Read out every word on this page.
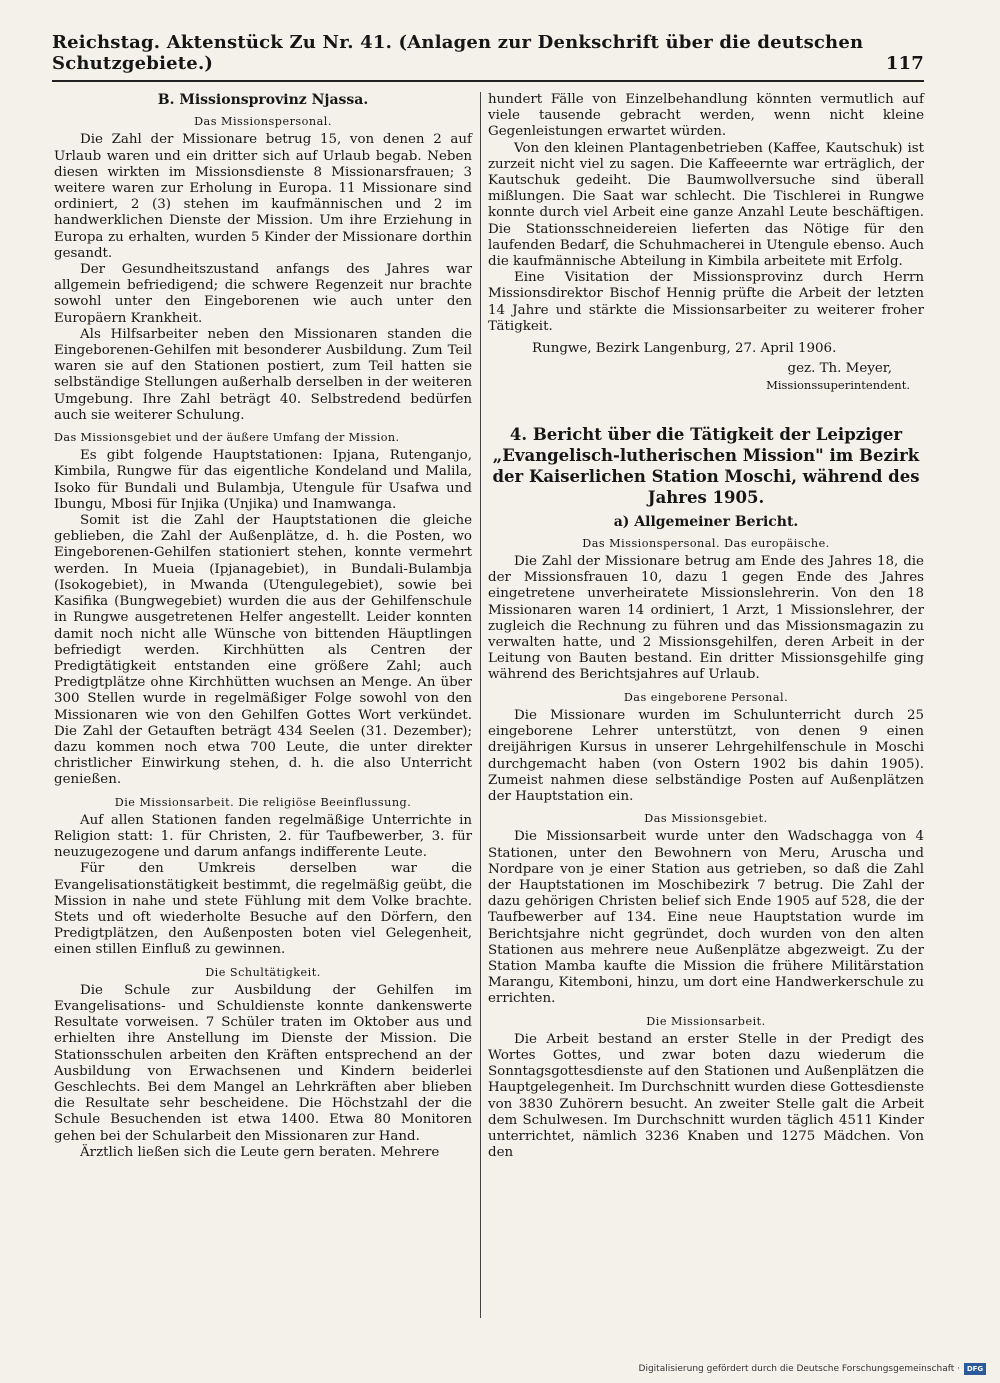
Reichstag. Aktenstück Zu Nr. 41. (Anlagen zur Denkschrift über die deutschen Schutzgebiete.)	117
B. Missionsprovinz Njassa.
Das Missionspersonal.

Die Zahl der Missionare betrug 15, von denen 2 auf Urlaub waren und ein dritter sich auf Urlaub begab. Neben diesen wirkten im Missionsdienste 8 Missionarsfrauen; 3 weitere waren zur Erholung in Europa. 11 Missionare sind ordiniert, 2 (3) stehen im kaufmännischen und 2 im handwerklichen Dienste der Mission. Um ihre Erziehung in Europa zu erhalten, wurden 5 Kinder der Missionare dorthin gesandt.

Der Gesundheitszustand anfangs des Jahres war allgemein befriedigend; die schwere Regenzeit nur brachte sowohl unter den Eingeborenen wie auch unter den Europäern Krankheit.

Als Hilfsarbeiter neben den Missionaren standen die Eingeborenen-Gehilfen mit besonderer Ausbildung. Zum Teil waren sie auf den Stationen postiert, zum Teil hatten sie selbständige Stellungen außerhalb derselben in der weiteren Umgebung. Ihre Zahl beträgt 40. Selbstredend bedürfen auch sie weiterer Schulung.

Das Missionsgebiet und der äußere Umfang der Mission.

Es gibt folgende Hauptstationen: Ipjana, Rutenganjo, Kimbila, Rungwe für das eigentliche Kondeland und Malila, Isoko für Bundali und Bulambja, Utengule für Usafwa und Ibungu, Mbosi für Injika (Unjika) und Inamwanga.

Somit ist die Zahl der Hauptstationen die gleiche geblieben, die Zahl der Außenplätze, d. h. die Posten, wo Eingeborenen-Gehilfen stationiert stehen, konnte vermehrt werden. In Mueia (Ipjanagebiet), in Bundali-Bulambja (Isokogebiet), in Mwanda (Utengulegebiet), sowie bei Kasifika (Bungwegebiet) wurden die aus der Gehilfenschule in Rungwe ausgetretenen Helfer angestellt. Leider konnten damit noch nicht alle Wünsche von bittenden Häuptlingen befriedigt werden. Kirchhütten als Centren der Predigtätigkeit entstanden eine größere Zahl; auch Predigtplätze ohne Kirchhütten wuchsen an Menge. An über 300 Stellen wurde in regelmäßiger Folge sowohl von den Missionaren wie von den Gehilfen Gottes Wort verkündet. Die Zahl der Getauften beträgt 434 Seelen (31. Dezember); dazu kommen noch etwa 700 Leute, die unter direkter christlicher Einwirkung stehen, d. h. die also Unterricht genießen.

Die Missionsarbeit. Die religiöse Beeinflussung.

Auf allen Stationen fanden regelmäßige Unterrichte in Religion statt: 1. für Christen, 2. für Taufbewerber, 3. für neuzugezogene und darum anfangs indifferente Leute.

Für den Umkreis derselben war die Evangelisationstätigkeit bestimmt, die regelmäßig geübt, die Mission in nahe und stete Fühlung mit dem Volke brachte. Stets und oft wiederholte Besuche auf den Dörfern, den Predigtplätzen, den Außenposten boten viel Gelegenheit, einen stillen Einfluß zu gewinnen.

Die Schultätigkeit.

Die Schule zur Ausbildung der Gehilfen im Evangelisations- und Schuldienste konnte dankenswerte Resultate vorweisen. 7 Schüler traten im Oktober aus und erhielten ihre Anstellung im Dienste der Mission. Die Stationsschulen arbeiten den Kräften entsprechend an der Ausbildung von Erwachsenen und Kindern beiderlei Geschlechts. Bei dem Mangel an Lehrkräften aber blieben die Resultate sehr bescheidene. Die Höchstzahl der die Schule Besuchenden ist etwa 1400. Etwa 80 Monitoren gehen bei der Schularbeit den Missionaren zur Hand.

Ärztlich ließen sich die Leute gern beraten. Mehrere

hundert Fälle von Einzelbehandlung könnten vermutlich auf viele tausende gebracht werden, wenn nicht kleine Gegenleistungen erwartet würden.

Von den kleinen Plantagenbetrieben (Kaffee, Kautschuk) ist zurzeit nicht viel zu sagen. Die Kaffeeernte war erträglich, der Kautschuk gedeiht. Die Baumwollversuche sind überall mißlungen. Die Saat war schlecht. Die Tischlerei in Rungwe konnte durch viel Arbeit eine ganze Anzahl Leute beschäftigen. Die Stationsschneidereien lieferten das Nötige für den laufenden Bedarf, die Schuhmacherei in Utengule ebenso. Auch die kaufmännische Abteilung in Kimbila arbeitete mit Erfolg.

Eine Visitation der Missionsprovinz durch Herrn Missionsdirektor Bischof Hennig prüfte die Arbeit der letzten 14 Jahre und stärkte die Missionsarbeiter zu weiterer froher Tätigkeit.

Rungwe, Bezirk Langenburg, 27. April 1906.
gez. Th. Meyer,
Missionssuperintendent.
4. Bericht über die Tätigkeit der Leipziger „Evangelisch-lutherischen Mission" im Bezirk der Kaiserlichen Station Moschi, während des Jahres 1905.
a) Allgemeiner Bericht.
Das Missionspersonal. Das europäische.

Die Zahl der Missionare betrug am Ende des Jahres 18, die der Missionsfrauen 10, dazu 1 gegen Ende des Jahres eingetretene unverheiratete Missionslehrerin. Von den 18 Missionaren waren 14 ordiniert, 1 Arzt, 1 Missionslehrer, der zugleich die Rechnung zu führen und das Missionsmagazin zu verwalten hatte, und 2 Missionsgehilfen, deren Arbeit in der Leitung von Bauten bestand. Ein dritter Missionsgehilfe ging während des Berichtsjahres auf Urlaub.

Das eingeborene Personal.

Die Missionare wurden im Schulunterricht durch 25 eingeborene Lehrer unterstützt, von denen 9 einen dreijährigen Kursus in unserer Lehrgehilfenschule in Moschi durchgemacht haben (von Ostern 1902 bis dahin 1905). Zumeist nahmen diese selbständige Posten auf Außenplätzen der Hauptstation ein.

Das Missionsgebiet.

Die Missionsarbeit wurde unter den Wadschagga von 4 Stationen, unter den Bewohnern von Meru, Aruscha und Nordpare von je einer Station aus getrieben, so daß die Zahl der Hauptstationen im Moschibezirk 7 betrug. Die Zahl der dazu gehörigen Christen belief sich Ende 1905 auf 528, die der Taufbewerber auf 134. Eine neue Hauptstation wurde im Berichtsjahre nicht gegründet, doch wurden von den alten Stationen aus mehrere neue Außenplätze abgezweigt. Zu der Station Mamba kaufte die Mission die frühere Militärstation Marangu, Kitemboni, hinzu, um dort eine Handwerkerschule zu errichten.

Die Missionsarbeit.

Die Arbeit bestand an erster Stelle in der Predigt des Wortes Gottes, und zwar boten dazu wiederum die Sonntagsgottesdienste auf den Stationen und Außenplätzen die Hauptgelegenheit. Im Durchschnitt wurden diese Gottesdienste von 3830 Zuhörern besucht. An zweiter Stelle galt die Arbeit dem Schulwesen. Im Durchschnitt wurden täglich 4511 Kinder unterrichtet, nämlich 3236 Knaben und 1275 Mädchen. Von den

Digitalisierung gefördert durch die Deutsche Forschungsgemeinschaft · DFG
